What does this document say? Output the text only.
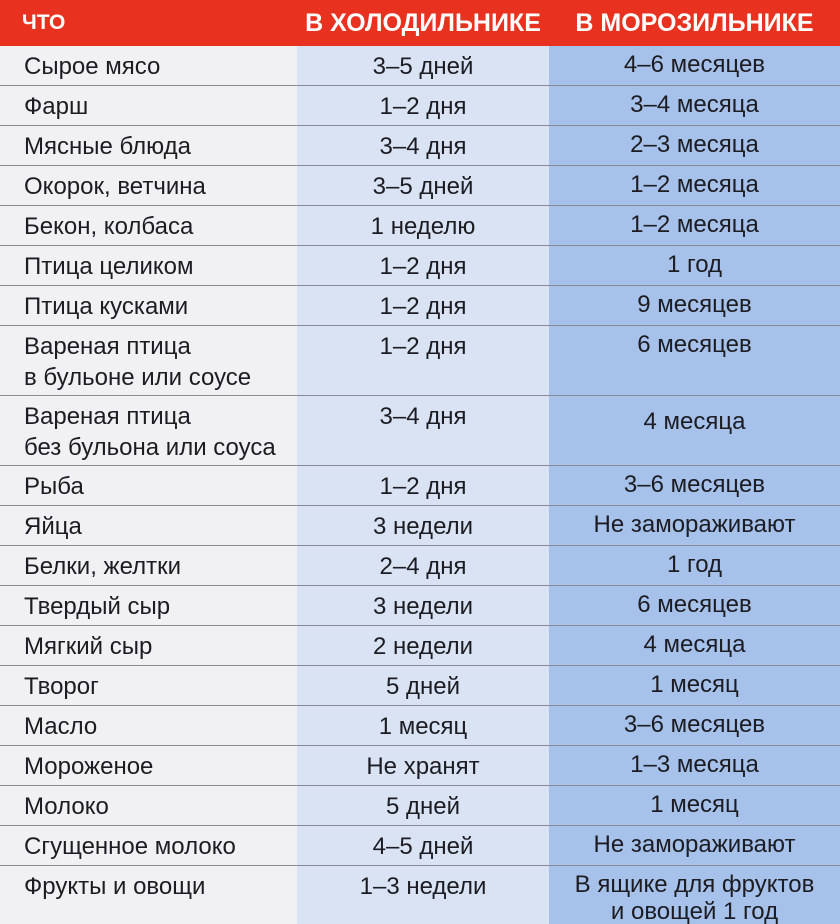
ЧТО	В ХОЛОДИЛЬНИКЕ	В МОРОЗИЛЬНИКЕ
Сырое мясо	3–5 дней	4–6 месяцев
Фарш	1–2 дня	3–4 месяца
Мясные блюда	3–4 дня	2–3 месяца
Окорок, ветчина	3–5 дней	1–2 месяца
Бекон, колбаса	1 неделю	1–2 месяца
Птица целиком	1–2 дня	1 год
Птица кусками	1–2 дня	9 месяцев
Вареная птица
в бульоне или соусе
1–2 дня	6 месяцев
Вареная птица
без бульона или соуса
3–4 дня	4 месяца
Рыба	1–2 дня	3–6 месяцев
Яйца	3 недели	Не замораживают
Белки, желтки	2–4 дня	1 год
Твердый сыр	3 недели	6 месяцев
Мягкий сыр	2 недели	4 месяца
Творог	5 дней	1 месяц
Масло	1 месяц	3–6 месяцев
Мороженое	Не хранят	1–3 месяца
Молоко	5 дней	1 месяц
Сгущенное молоко	4–5 дней	Не замораживают
Фрукты и овощи	1–3 недели	В ящике для фруктов
и овощей 1 год
